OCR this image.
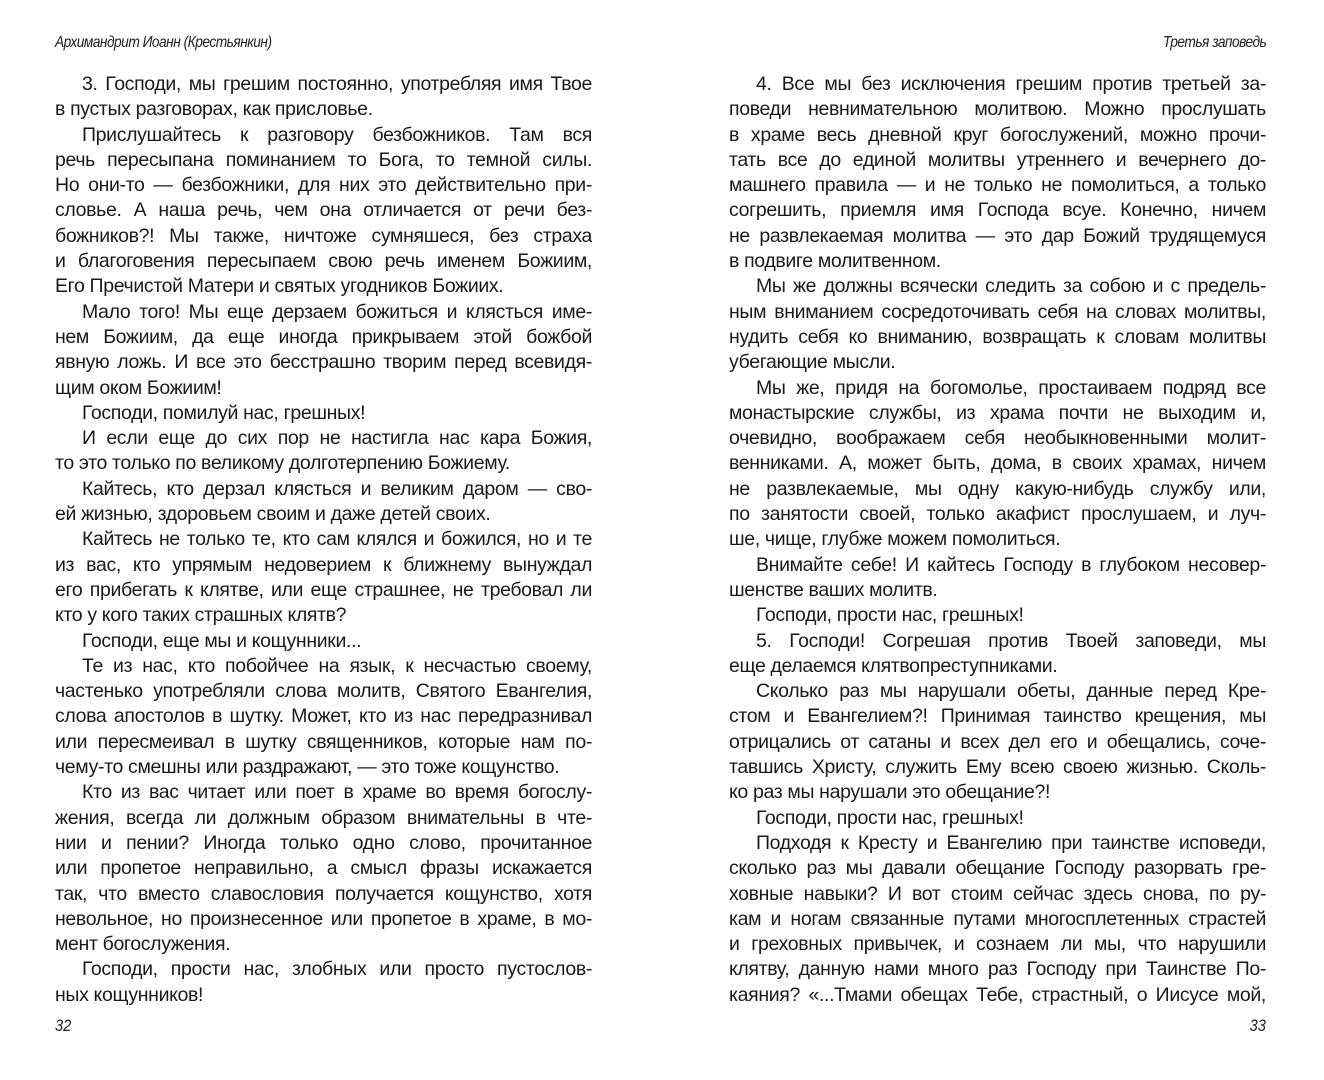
Архимандрит Иоанн (Крестьянкин)
3. Господи, мы грешим постоянно, употребляя имя Твое
в пустых разговорах, как присловье.
Прислушайтесь к разговору безбожников. Там вся
речь пересыпана поминанием то Бога, то темной силы.
Но они-то — безбожники, для них это действительно при-
словье. А наша речь, чем она отличается от речи без-
божников?! Мы также, ничтоже сумняшеся, без страха
и благоговения пересыпаем свою речь именем Божиим,
Его Пречистой Матери и святых угодников Божиих.
Мало того! Мы еще дерзаем божиться и клясться име-
нем Божиим, да еще иногда прикрываем этой божбой
явную ложь. И все это бесстрашно творим перед всевидя-
щим оком Божиим!
Господи, помилуй нас, грешных!
И если еще до сих пор не настигла нас кара Божия,
то это только по великому долготерпению Божиему.
Кайтесь, кто дерзал клясться и великим даром — сво-
ей жизнью, здоровьем своим и даже детей своих.
Кайтесь не только те, кто сам клялся и божился, но и те
из вас, кто упрямым недоверием к ближнему вынуждал
его прибегать к клятве, или еще страшнее, не требовал ли
кто у кого таких страшных клятв?
Господи, еще мы и кощунники...
Те из нас, кто побойчее на язык, к несчастью своему,
частенько употребляли слова молитв, Святого Евангелия,
слова апостолов в шутку. Может, кто из нас передразнивал
или пересмеивал в шутку священников, которые нам по-
чему-то смешны или раздражают, — это тоже кощунство.
Кто из вас читает или поет в храме во время богослу-
жения, всегда ли должным образом внимательны в чте-
нии и пении? Иногда только одно слово, прочитанное
или пропетое неправильно, а смысл фразы искажается
так, что вместо славословия получается кощунство, хотя
невольное, но произнесенное или пропетое в храме, в мо-
мент богослужения.
Господи, прости нас, злобных или просто пустослов-
ных кощунников!
32
Третья заповедь
4. Все мы без исключения грешим против третьей за-
поведи невнимательною молитвою. Можно прослушать
в храме весь дневной круг богослужений, можно прочи-
тать все до единой молитвы утреннего и вечернего до-
машнего правила — и не только не помолиться, а только
согрешить, приемля имя Господа всуе. Конечно, ничем
не развлекаемая молитва — это дар Божий трудящемуся
в подвиге молитвенном.
Мы же должны всячески следить за собою и с предель-
ным вниманием сосредоточивать себя на словах молитвы,
нудить себя ко вниманию, возвращать к словам молитвы
убегающие мысли.
Мы же, придя на богомолье, простаиваем подряд все
монастырские службы, из храма почти не выходим и,
очевидно, воображаем себя необыкновенными молит-
венниками. А, может быть, дома, в своих храмах, ничем
не развлекаемые, мы одну какую-нибудь службу или,
по занятости своей, только акафист прослушаем, и луч-
ше, чище, глубже можем помолиться.
Внимайте себе! И кайтесь Господу в глубоком несовер-
шенстве ваших молитв.
Господи, прости нас, грешных!
5. Господи! Согрешая против Твоей заповеди, мы
еще делаемся клятвопреступниками.
Сколько раз мы нарушали обеты, данные перед Кре-
стом и Евангелием?! Принимая таинство крещения, мы
отрицались от сатаны и всех дел его и обещались, соче-
тавшись Христу, служить Ему всею своею жизнью. Сколь-
ко раз мы нарушали это обещание?!
Господи, прости нас, грешных!
Подходя к Кресту и Евангелию при таинстве исповеди,
сколько раз мы давали обещание Господу разорвать гре-
ховные навыки? И вот стоим сейчас здесь снова, по ру-
кам и ногам связанные путами многосплетенных страстей
и греховных привычек, и сознаем ли мы, что нарушили
клятву, данную нами много раз Господу при Таинстве По-
каяния? «...Тмами обещах Тебе, страстный, о Иисусе мой,
33
